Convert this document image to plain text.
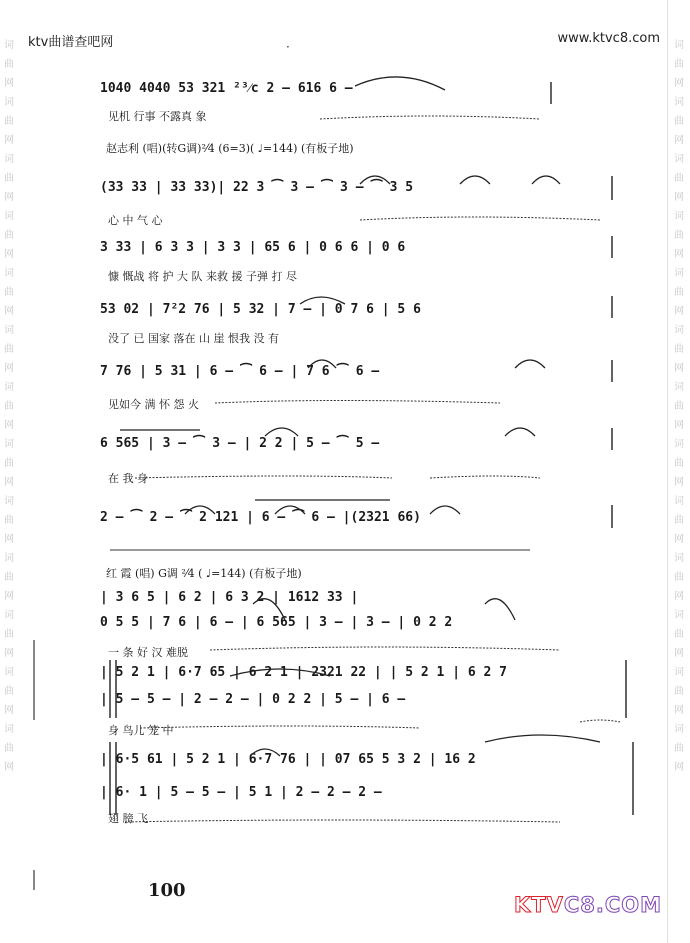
词
曲
网
词
曲
网
词
曲
网
词
曲
网
词
曲
网
词
曲
网
词
曲
网
词
曲
网
词
曲
网
词
曲
网
词
曲
网
词
曲
网
词
曲
网
词
曲
网
词
曲
网
词
曲
网
词
曲
网
词
曲
网
词
曲
网
词
曲
网
词
曲
网
词
曲
网
词
曲
网
词
曲
网
词
曲
网
词
曲
网
ktv曲谱查吧网	www.ktvc8.com
·
1040 4040 53 321 ²³⁄c 2 — 616 6 —
见机 行事 不露真 象
赵志利 (唱)(转G调)²⁄4 (6=3)( ♩=144) (有板子地)
(33 33 | 33 33)| 22 3 ⁀ 3 — ⁀ 3 — ⁀ 3 5
心 中 气 心
3 33 | 6 3 3 | 3 3 | 65 6 | 0 6 6 | 0 6
慷 慨战 将 护 大 队 来救 援 子弹 打 尽
53 02 | 7²2 76 | 5 32 | 7 — | 0 7 6 | 5 6
没了 已 国家 落在 山 崖 恨我 没 有
7 76 | 5 31 | 6 — ⁀ 6 — | 7 6 ⁀ 6 —
见如今 满 怀 怨 火
6 565 | 3 — ⁀ 3 — | 2 2 | 5 — ⁀ 5 —
在 我 身
2 — ⁀ 2 — ⁀ 2 121 | 6 — ⁀ 6 — |(2321 66)
红 霞 (唱) G调 ²⁄4 ( ♩=144) (有板子地)
| 3 6 5 | 6 2 | 6 3 2 | 1612 33 |
0 5 5 | 7 6 | 6 — | 6 565 | 3 — | 3 — | 0 2 2
一 条 好 汉 难脱
| 5 2 1 | 6·7 65 | 6 2 1 | 2321 22 | | 5 2 1 | 6 2 7
| 5 — 5 — | 2 — 2 — | 0 2 2 | 5 — | 6 —
身 鸟儿 笼 中
| 6·5 61 | 5 2 1 | 6·7 76 | | 07 65 5 3 2 | 16 2
| 6· 1 | 5 — 5 — | 5 1 | 2 — 2 — 2 —
翅 膀 飞
100
KTVC8.COM
